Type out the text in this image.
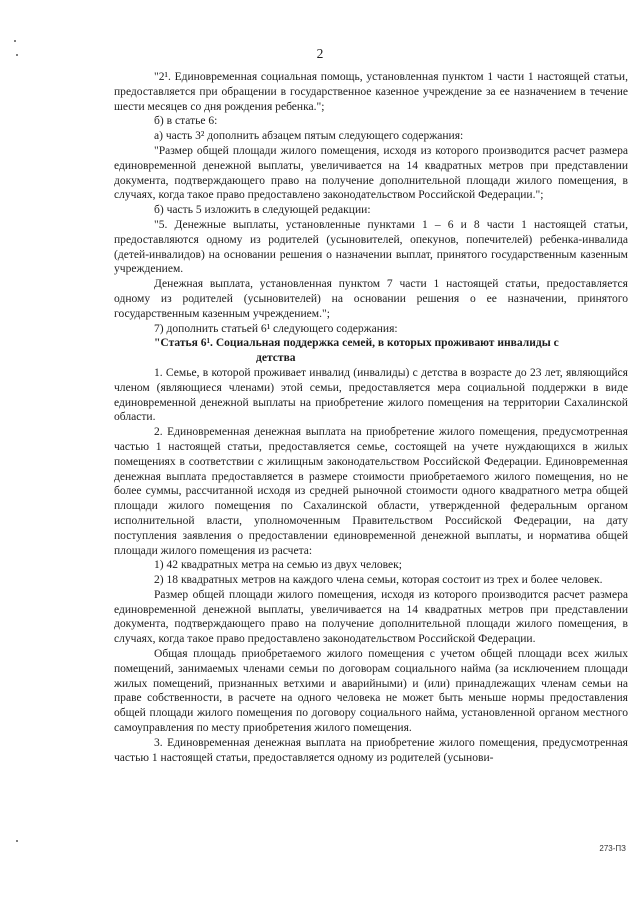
2

"2¹. Единовременная социальная помощь, установленная пунктом 1 части 1 настоящей статьи, предоставляется при обращении в государственное казенное учреждение за ее назначением в течение шести месяцев со дня рождения ребенка.";

б) в статье 6:

а) часть 3² дополнить абзацем пятым следующего содержания:

"Размер общей площади жилого помещения, исходя из которого производится расчет размера единовременной денежной выплаты, увеличивается на 14 квадратных метров при представлении документа, подтверждающего право на получение дополнительной площади жилого помещения, в случаях, когда такое право предоставлено законодательством Российской Федерации.";

б) часть 5 изложить в следующей редакции:

"5. Денежные выплаты, установленные пунктами 1 – 6 и 8 части 1 настоящей статьи, предоставляются одному из родителей (усыновителей, опекунов, попечителей) ребенка-инвалида (детей-инвалидов) на основании решения о назначении выплат, принятого государственным казенным учреждением.

Денежная выплата, установленная пунктом 7 части 1 настоящей статьи, предоставляется одному из родителей (усыновителей) на основании решения о ее назначении, принятого государственным казенным учреждением.";

7) дополнить статьей 6¹ следующего содержания:

"Статья 6¹. Социальная поддержка семей, в которых проживают инвалиды с

детства

1. Семье, в которой проживает инвалид (инвалиды) с детства в возрасте до 23 лет, являющийся членом (являющиеся членами) этой семьи, предоставляется мера социальной поддержки в виде единовременной денежной выплаты на приобретение жилого помещения на территории Сахалинской области.

2. Единовременная денежная выплата на приобретение жилого помещения, предусмотренная частью 1 настоящей статьи, предоставляется семье, состоящей на учете нуждающихся в жилых помещениях в соответствии с жилищным законодательством Российской Федерации. Единовременная денежная выплата предоставляется в размере стоимости приобретаемого жилого помещения, но не более суммы, рассчитанной исходя из средней рыночной стоимости одного квадратного метра общей площади жилого помещения по Сахалинской области, утвержденной федеральным органом исполнительной власти, уполномоченным Правительством Российской Федерации, на дату поступления заявления о предоставлении единовременной денежной выплаты, и норматива общей площади жилого помещения из расчета:

1) 42 квадратных метра на семью из двух человек;

2) 18 квадратных метров на каждого члена семьи, которая состоит из трех и более человек.

Размер общей площади жилого помещения, исходя из которого производится расчет размера единовременной денежной выплаты, увеличивается на 14 квадратных метров при представлении документа, подтверждающего право на получение дополнительной площади жилого помещения, в случаях, когда такое право предоставлено законодательством Российской Федерации.

Общая площадь приобретаемого жилого помещения с учетом общей площади всех жилых помещений, занимаемых членами семьи по договорам социального найма (за исключением площади жилых помещений, признанных ветхими и аварийными) и (или) принадлежащих членам семьи на праве собственности, в расчете на одного человека не может быть меньше нормы предоставления общей площади жилого помещения по договору социального найма, установленной органом местного самоуправления по месту приобретения жилого помещения.

3. Единовременная денежная выплата на приобретение жилого помещения, предусмотренная частью 1 настоящей статьи, предоставляется одному из родителей (усынови-

273-ПЗ
